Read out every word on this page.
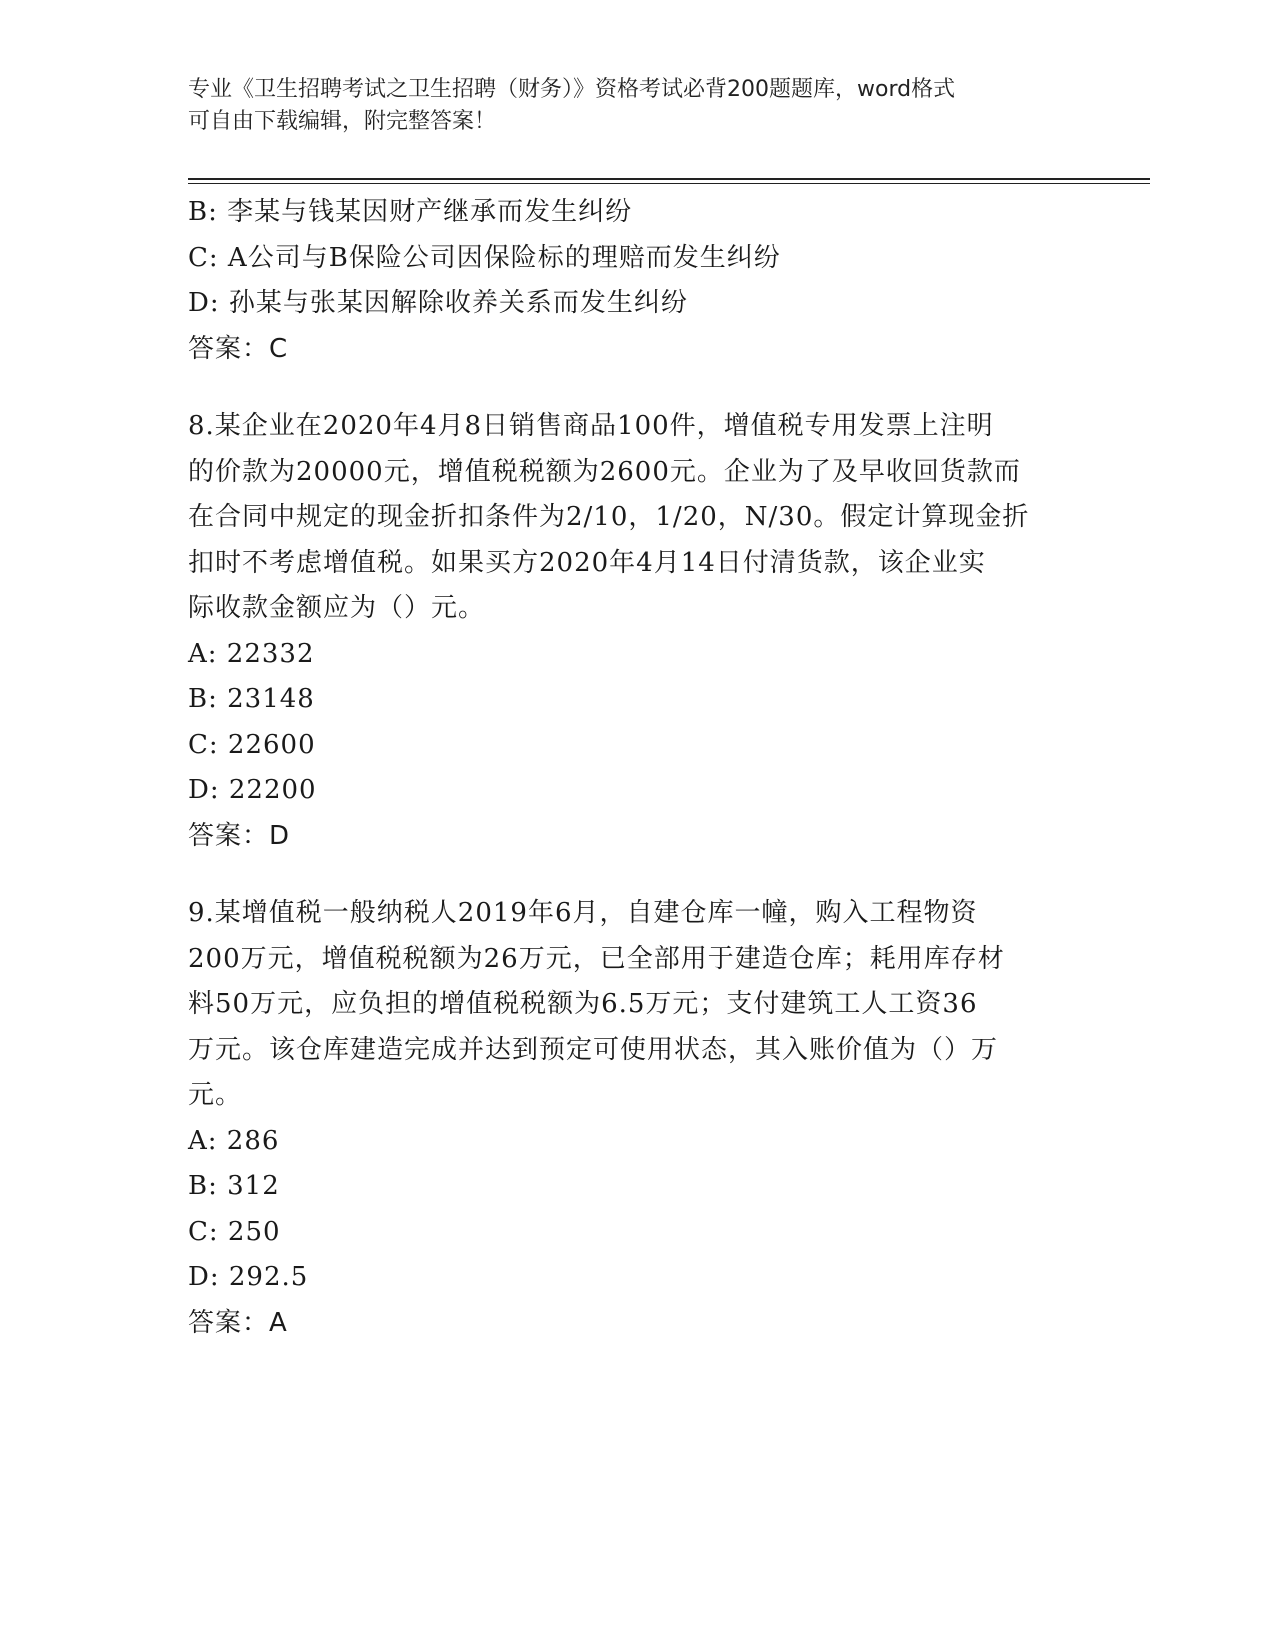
专业《卫生招聘考试之卫生招聘（财务）》资格考试必背200题题库，word格式
可自由下载编辑，附完整答案！
B: 李某与钱某因财产继承而发生纠纷
C: A公司与B保险公司因保险标的理赔而发生纠纷
D: 孙某与张某因解除收养关系而发生纠纷
答案：C
8.某企业在2020年4月8日销售商品100件，增值税专用发票上注明
的价款为20000元，增值税税额为2600元。企业为了及早收回货款而
在合同中规定的现金折扣条件为2/10，1/20，N/30。假定计算现金折
扣时不考虑增值税。如果买方2020年4月14日付清货款，该企业实
际收款金额应为（）元。
A: 22332
B: 23148
C: 22600
D: 22200
答案：D
9.某增值税一般纳税人2019年6月，自建仓库一幢，购入工程物资
200万元，增值税税额为26万元，已全部用于建造仓库；耗用库存材
料50万元，应负担的增值税税额为6.5万元；支付建筑工人工资36
万元。该仓库建造完成并达到预定可使用状态，其入账价值为（）万
元。
A: 286
B: 312
C: 250
D: 292.5
答案：A
